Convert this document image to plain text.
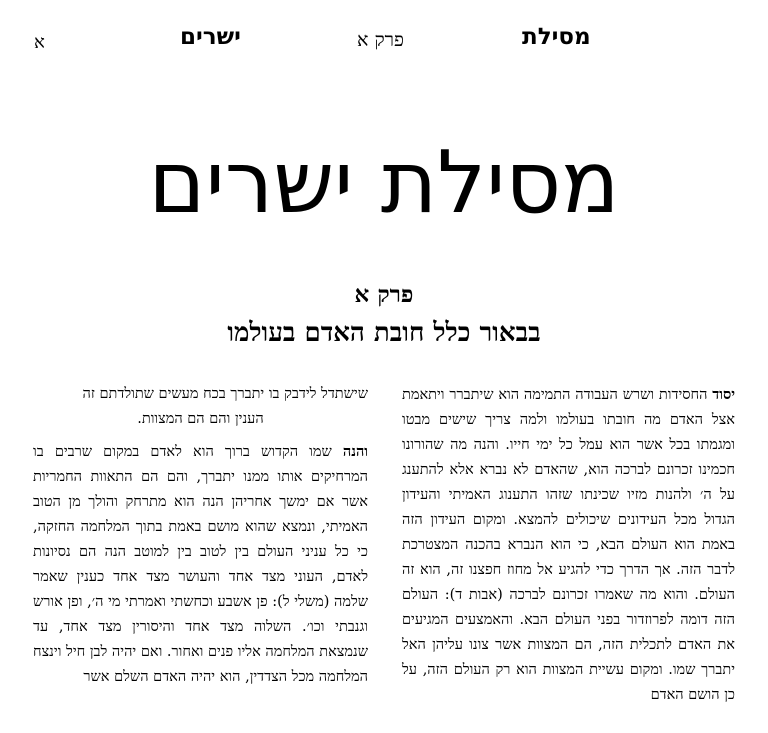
א	ישרים	פרק א	מסילת
מסילת ישרים
פרק א
בבאור כלל חובת האדם בעולמו

יסוד החסידות ושרש העבודה התמימה הוא שיתברר ויתאמת אצל האדם מה חובתו בעולמו ולמה צריך שישים מבטו ומגמתו בכל אשר הוא עמל כל ימי חייו. והנה מה שהורונו חכמינו זכרונם לברכה הוא, שהאדם לא נברא אלא להתענג על ה׳ ולהנות מזיו שכינתו שזהו התענוג האמיתי והעידון הגדול מכל העידונים שיכולים להמצא. ומקום העידון הזה באמת הוא העולם הבא, כי הוא הנברא בהכנה המצטרכת לדבר הזה. אך הדרך כדי להגיע אל מחוז חפצנו זה, הוא זה העולם. והוא מה שאמרו זכרונם לברכה (אבות ד): העולם הזה דומה לפרוזדור בפני העולם הבא. והאמצעים המגיעים את האדם לתכלית הזה, הם המצוות אשר צונו עליהן האל יתברך שמו. ומקום עשיית המצוות הוא רק העולם הזה, על כן הושם האדם

שישתדל לידבק בו יתברך בכח מעשים שתולדתם זה
הענין והם הם המצוות.

והנה שמו הקדוש ברוך הוא לאדם במקום שרבים בו המרחיקים אותו ממנו יתברך, והם הם התאוות החמריות אשר אם ימשך אחריהן הנה הוא מתרחק והולך מן הטוב האמיתי, ונמצא שהוא מושם באמת בתוך המלחמה החזקה, כי כל עניני העולם בין לטוב בין למוטב הנה הם נסיונות לאדם, העוני מצד אחד והעושר מצד אחד כענין שאמר שלמה (משלי ל): פן אשבע וכחשתי ואמרתי מי ה׳, ופן אורש וגנבתי וכו׳. השלוה מצד אחד והיסורין מצד אחד, עד שנמצאת המלחמה אליו פנים ואחור. ואם יהיה לבן חיל וינצח המלחמה מכל הצדדין, הוא יהיה האדם השלם אשר
